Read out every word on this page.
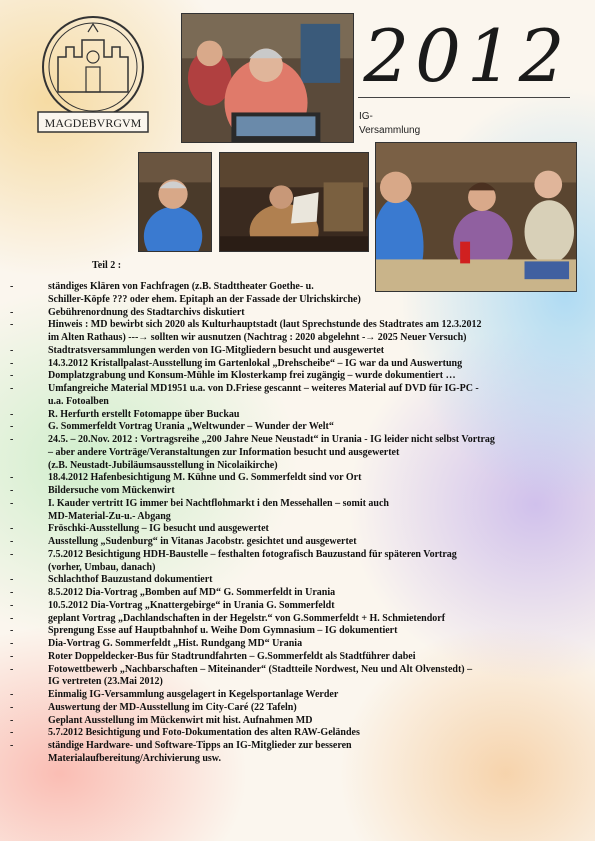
MAGDEBVRGVM
2012
IG-
Versammlung
Teil 2 :
-	ständiges Klären von Fachfragen (z.B. Stadttheater Goethe- u.
Schiller-Köpfe ??? oder ehem. Epitaph an der Fassade der Ulrichskirche)
-	Gebührenordnung des Stadtarchivs diskutiert
-	Hinweis : MD bewirbt sich 2020 als Kulturhauptstadt (laut Sprechstunde des Stadtrates am 12.3.2012
im Alten Rathaus) ---→ sollten wir ausnutzen (Nachtrag : 2020 abgelehnt -→ 2025 Neuer Versuch)
-	Stadtratsversammlungen werden von IG-Mitgliedern besucht und ausgewertet
-	14.3.2012 Kristallpalast-Ausstellung im Gartenlokal „Drehscheibe“ – IG war da und Auswertung
-	Domplatzgrabung und Konsum-Mühle im Klosterkamp frei zugängig – wurde dokumentiert …
-	Umfangreiche Material MD1951 u.a. von D.Friese gescannt – weiteres Material auf DVD für IG-PC -
u.a. Fotoalben
-	R. Herfurth erstellt Fotomappe über Buckau
-	G. Sommerfeldt Vortrag Urania „Weltwunder – Wunder der Welt“
-	24.5. – 20.Nov. 2012 : Vortragsreihe „200 Jahre Neue Neustadt“ in Urania - IG leider nicht selbst Vortrag
– aber andere Vorträge/Veranstaltungen zur Information besucht und ausgewertet
(z.B. Neustadt-Jubiläumsausstellung in Nicolaikirche)
-	18.4.2012 Hafenbesichtigung M. Kühne und G. Sommerfeldt sind vor Ort
-	Bildersuche vom Mückenwirt
-	I. Kauder vertritt IG immer bei Nachtflohmarkt i den Messehallen – somit auch
MD-Material-Zu-u.- Abgang
-	Fröschki-Ausstellung – IG besucht und ausgewertet
-	Ausstellung „Sudenburg“ in Vitanas Jacobstr. gesichtet und ausgewertet
-	7.5.2012 Besichtigung HDH-Baustelle – festhalten fotografisch Bauzustand für späteren Vortrag
(vorher, Umbau, danach)
-	Schlachthof Bauzustand dokumentiert
-	8.5.2012 Dia-Vortrag „Bomben auf MD“ G. Sommerfeldt in Urania
-	10.5.2012 Dia-Vortrag „Knattergebirge“ in Urania G. Sommerfeldt
-	geplant Vortrag „Dachlandschaften in der Hegelstr.“ von G.Sommerfeldt + H. Schmietendorf
-	Sprengung Esse auf Hauptbahnhof u. Weihe Dom Gymnasium – IG dokumentiert
-	Dia-Vortrag G. Sommerfeldt „Hist. Rundgang MD“ Urania
-	Roter Doppeldecker-Bus für Stadtrundfahrten – G.Sommerfeldt als Stadtführer dabei
-	Fotowettbewerb „Nachbarschaften – Miteinander“ (Stadtteile Nordwest, Neu und Alt Olvenstedt) –
IG vertreten (23.Mai 2012)
-	Einmalig IG-Versammlung ausgelagert in Kegelsportanlage Werder
-	Auswertung der MD-Ausstellung im City-Caré (22 Tafeln)
-	Geplant Ausstellung im Mückenwirt mit hist. Aufnahmen MD
-	5.7.2012 Besichtigung und Foto-Dokumentation des alten RAW-Geländes
-	ständige Hardware- und Software-Tipps an IG-Mitglieder zur besseren
Materialaufbereitung/Archivierung usw.
